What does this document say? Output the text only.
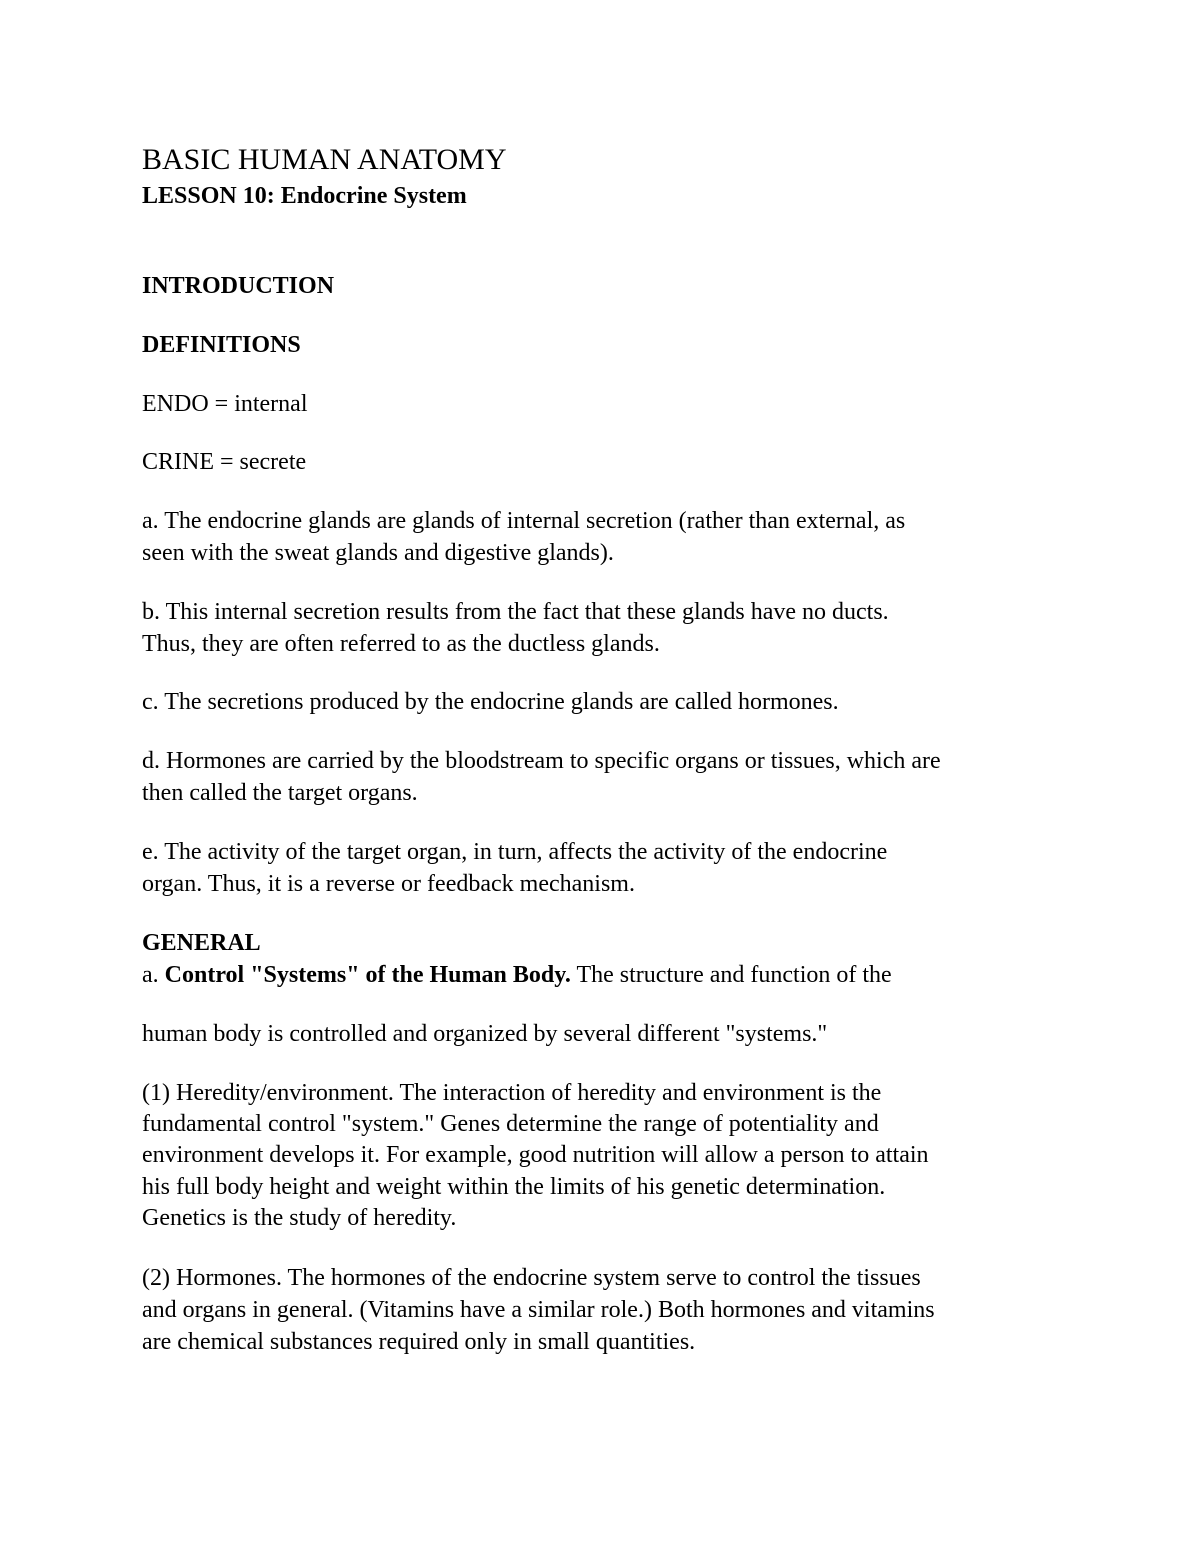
BASIC HUMAN ANATOMY
LESSON 10: Endocrine System
INTRODUCTION
DEFINITIONS
ENDO = internal
CRINE = secrete
a. The endocrine glands are glands of internal secretion (rather than external, as
seen with the sweat glands and digestive glands).
b. This internal secretion results from the fact that these glands have no ducts.
Thus, they are often referred to as the ductless glands.
c. The secretions produced by the endocrine glands are called hormones.
d. Hormones are carried by the bloodstream to specific organs or tissues, which are
then called the target organs.
e. The activity of the target organ, in turn, affects the activity of the endocrine
organ. Thus, it is a reverse or feedback mechanism.
GENERAL
a. Control "Systems" of the Human Body. The structure and function of the
human body is controlled and organized by several different "systems."
(1) Heredity/environment. The interaction of heredity and environment is the
fundamental control "system." Genes determine the range of potentiality and
environment develops it. For example, good nutrition will allow a person to attain
his full body height and weight within the limits of his genetic determination.
Genetics is the study of heredity.
(2) Hormones. The hormones of the endocrine system serve to control the tissues
and organs in general. (Vitamins have a similar role.) Both hormones and vitamins
are chemical substances required only in small quantities.
